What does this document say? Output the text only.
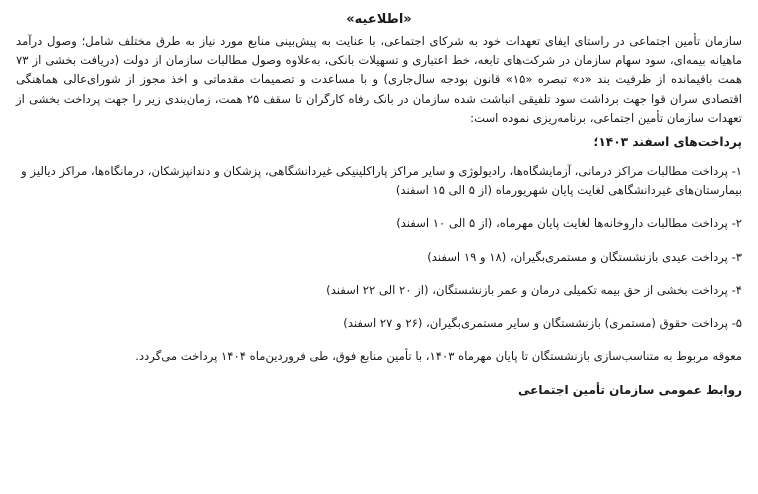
«اطلاعیه»

سازمان تأمین اجتماعی در راستای ایفای تعهدات خود به شرکای اجتماعی، با عنایت به پیش‌بینی منابع مورد نیاز به طرق مختلف شامل؛ وصول درآمد ماهیانه بیمه‌ای، سود سهام سازمان در شرکت‌های تابعه، خط اعتباری و تسهیلات بانکی، به‌علاوه وصول مطالبات سازمان از دولت (دریافت بخشی از ۷۳ همت باقیمانده از ظرفیت بند «د» تبصره «۱۵» قانون بودجه سال‌جاری) و با مساعدت و تصمیمات مقدماتی و اخذ مجوز از شورای‌عالی هماهنگی اقتصادی سران قوا جهت برداشت سود تلفیقی انباشت شده سازمان در بانک رفاه کارگران تا سقف ۲۵ همت، زمان‌بندی زیر را جهت پرداخت بخشی از تعهدات سازمان تأمین اجتماعی، برنامه‌ریزی نموده است:

پرداخت‌های اسفند ۱۴۰۳؛

۱- پرداخت مطالبات مراکز درمانی، آزمایشگاه‌ها، رادیولوژی و سایر مراکز پاراکلینیکی غیردانشگاهی، پزشکان و دندانپزشکان، درمانگاه‌ها، مراکز دیالیز و بیمارستان‌های غیردانشگاهی لغایت پایان شهریورماه (از ۵ الی ۱۵ اسفند)

۲- پرداخت مطالبات داروخانه‌ها لغایت پایان مهرماه، (از ۵ الی ۱۰ اسفند)

۳- پرداخت عیدی بازنشستگان و مستمری‌بگیران، (۱۸ و ۱۹ اسفند)

۴- پرداخت بخشی از حق بیمه تکمیلی درمان و عمر بازنشستگان، (از ۲۰ الی ۲۲ اسفند)

۵- پرداخت حقوق (مستمری) بازنشستگان و سایر مستمری‌بگیران، (۲۶ و ۲۷ اسفند)

معوقه مربوط به متناسب‌سازی بازنشستگان تا پایان مهرماه ۱۴۰۳، با تأمین منابع فوق، طی فروردین‌ماه ۱۴۰۴ پرداخت می‌گردد.

روابط عمومی سازمان تأمین اجتماعی
